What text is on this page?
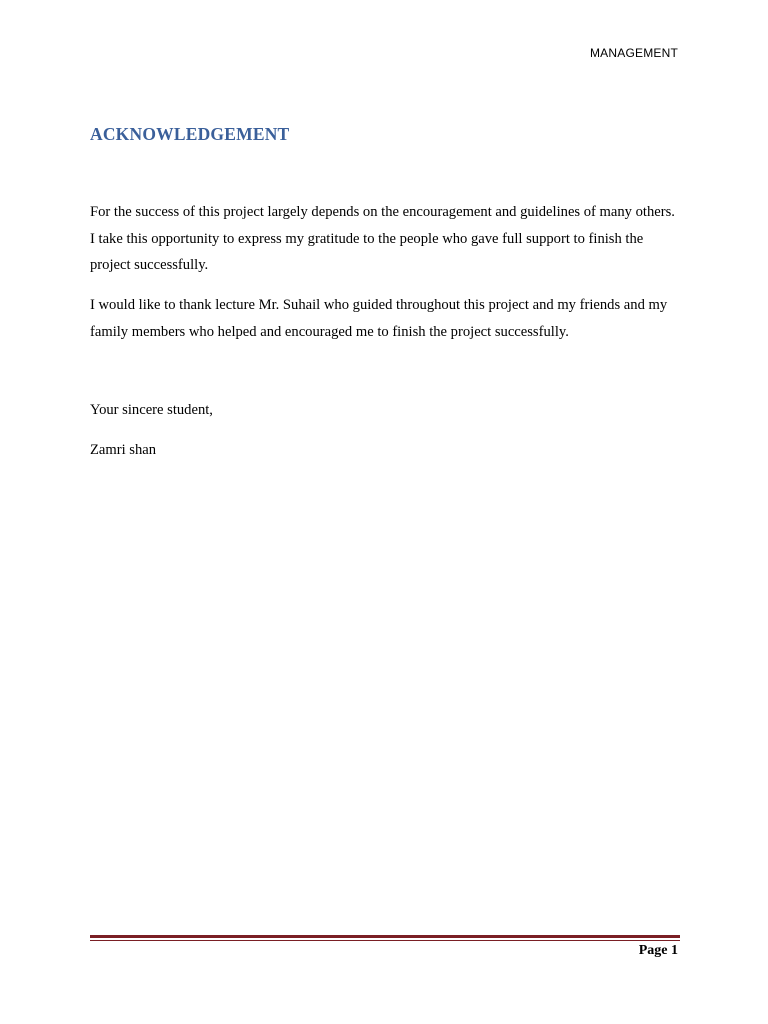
MANAGEMENT
ACKNOWLEDGEMENT

For the success of this project largely depends on the encouragement and guidelines of many others. I take this opportunity to express my gratitude to the people who gave full support to finish the project successfully.

I would like to thank lecture Mr. Suhail who guided throughout this project and my friends and my family members who helped and encouraged me to finish the project successfully.

Your sincere student,

Zamri shan

Page 1
